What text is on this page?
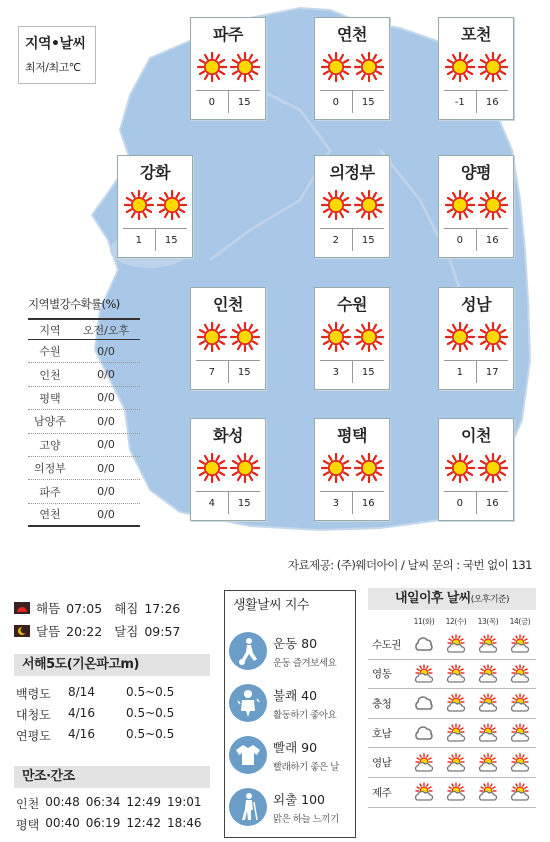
지역•날씨
최저/최고℃
파주
0	15
연천
0	15
포천
-1	16
강화
1	15
의정부
2	15
양평
0	16
인천
7	15
수원
3	15
성남
1	17
화성
4	15
평택
3	16
이천
0	16
지역별강수확률(%)
지역	오전/오후
수원	0/0
인천	0/0
평택	0/0
남양주	0/0
고양	0/0
의정부	0/0
파주	0/0
연천	0/0
자료제공: (주)웨더아이 / 날씨 문의 : 국번 없이 131
해뜸 07:05 해짐 17:26
달뜸 20:22 달짐 09:57
서해5도(기온파고m)
백령도	8/14	0.5~0.5
대청도	4/16	0.5~0.5
연평도	4/16	0.5~0.5
만조·간조
인천 00:48 06:34 12:49 19:01
평택 00:40 06:19 12:42 18:46
생활날씨 지수
운동 80
운동 즐겨보세요
불쾌 40
활동하기 좋아요
빨래 90
빨래하기 좋은 날
외출 100
맑은 하늘 느끼기
내일이후 날씨(오후기준)
11(화)	12(수)	13(목)	14(금)
수도권
영동
충청
호남
영남
제주
